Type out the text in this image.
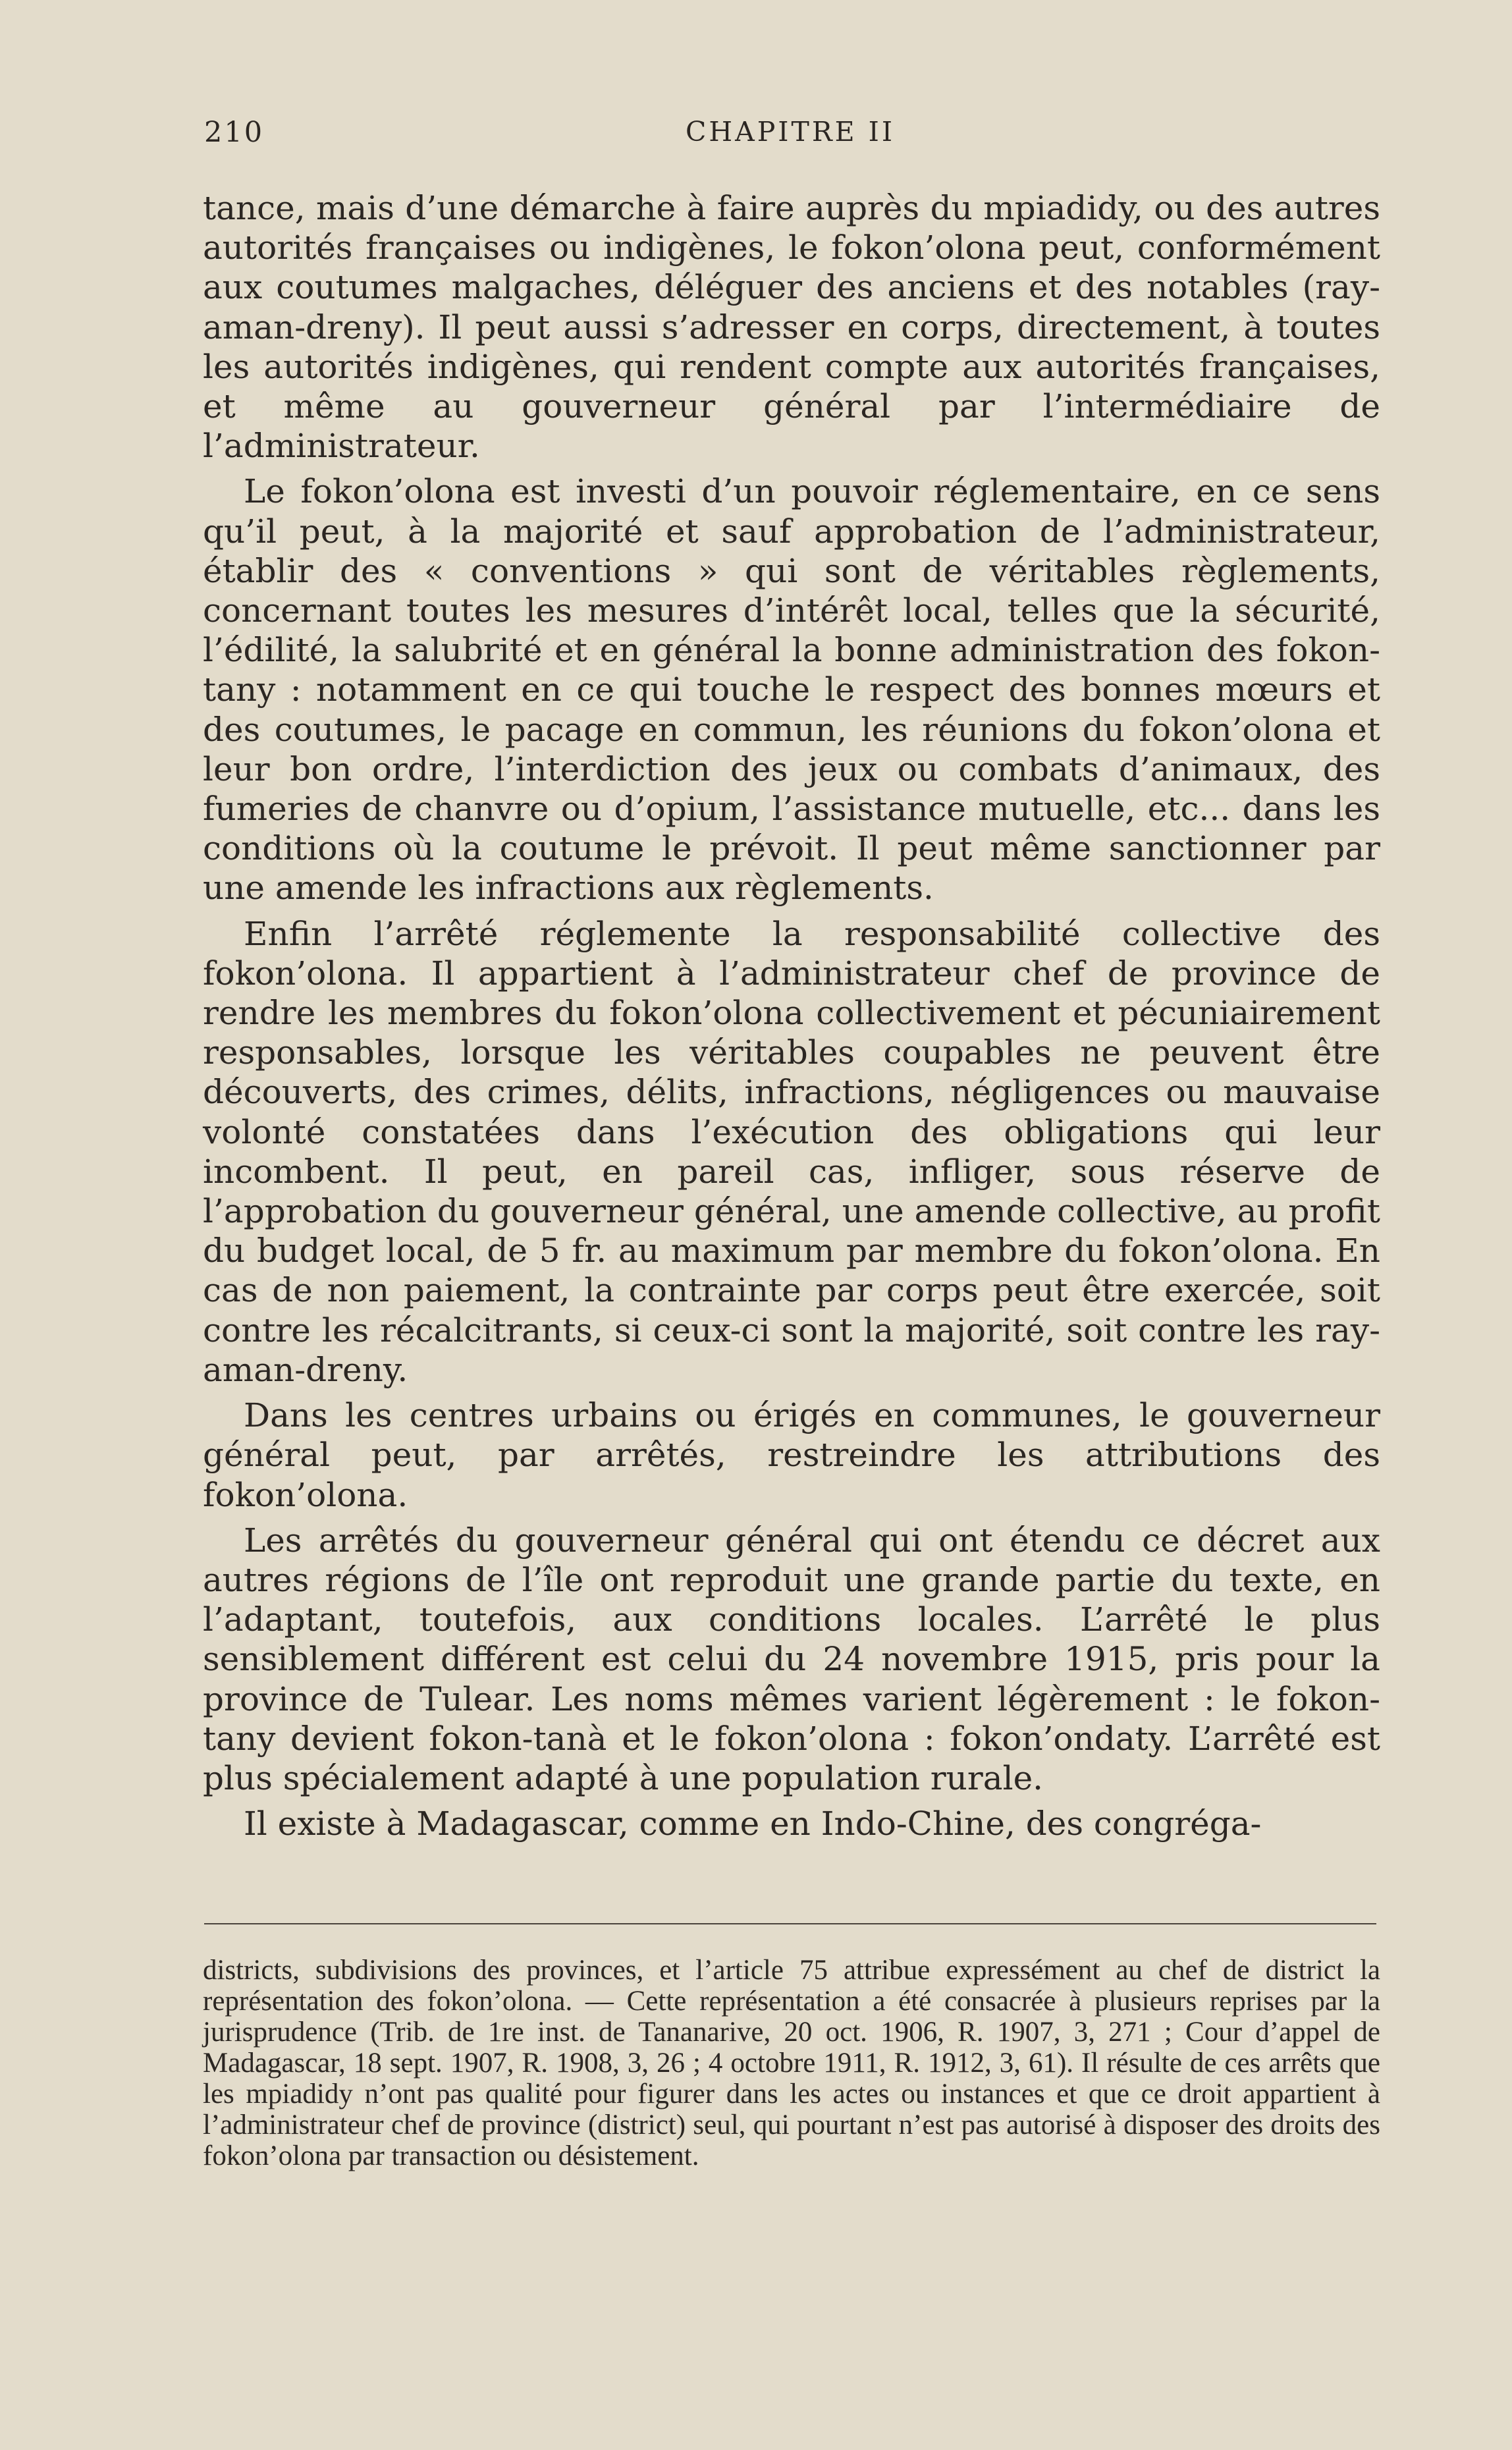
210	CHAPITRE II

tance, mais d’une démarche à faire auprès du mpiadidy, ou des autres autorités françaises ou indigènes, le fokon’olona peut, conformément aux coutumes malgaches, déléguer des anciens et des notables (ray-aman-dreny). Il peut aussi s’adresser en corps, directement, à toutes les autorités indigènes, qui rendent compte aux autorités françaises, et même au gouverneur général par l’intermédiaire de l’administrateur.

Le fokon’olona est investi d’un pouvoir réglementaire, en ce sens qu’il peut, à la majorité et sauf approbation de l’administrateur, établir des « conventions » qui sont de véritables règlements, concernant toutes les mesures d’intérêt local, telles que la sécurité, l’édilité, la salubrité et en général la bonne administration des fokon-tany : notamment en ce qui touche le respect des bonnes mœurs et des coutumes, le pacage en commun, les réunions du fokon’olona et leur bon ordre, l’interdiction des jeux ou combats d’animaux, des fumeries de chanvre ou d’opium, l’assistance mutuelle, etc... dans les conditions où la coutume le prévoit. Il peut même sanctionner par une amende les infractions aux règlements.

Enfin l’arrêté réglemente la responsabilité collective des fokon’olona. Il appartient à l’administrateur chef de province de rendre les membres du fokon’olona collectivement et pécuniairement responsables, lorsque les véritables coupables ne peuvent être découverts, des crimes, délits, infractions, négligences ou mauvaise volonté constatées dans l’exécution des obligations qui leur incombent. Il peut, en pareil cas, infliger, sous réserve de l’approbation du gouverneur général, une amende collective, au profit du budget local, de 5 fr. au maximum par membre du fokon’olona. En cas de non paiement, la contrainte par corps peut être exercée, soit contre les récalcitrants, si ceux-ci sont la majorité, soit contre les ray-aman-dreny.

Dans les centres urbains ou érigés en communes, le gouverneur général peut, par arrêtés, restreindre les attributions des fokon’olona.

Les arrêtés du gouverneur général qui ont étendu ce décret aux autres régions de l’île ont reproduit une grande partie du texte, en l’adaptant, toutefois, aux conditions locales. L’arrêté le plus sensiblement différent est celui du 24 novembre 1915, pris pour la province de Tulear. Les noms mêmes varient légèrement : le fokon-tany devient fokon-tanà et le fokon’olona : fokon’ondaty. L’arrêté est plus spécialement adapté à une population rurale.

Il existe à Madagascar, comme en Indo-Chine, des congréga-

districts, subdivisions des provinces, et l’article 75 attribue expressément au chef de district la représentation des fokon’olona. — Cette représentation a été consacrée à plusieurs reprises par la jurisprudence (Trib. de 1re inst. de Tananarive, 20 oct. 1906, R. 1907, 3, 271 ; Cour d’appel de Madagascar, 18 sept. 1907, R. 1908, 3, 26 ; 4 octobre 1911, R. 1912, 3, 61). Il résulte de ces arrêts que les mpiadidy n’ont pas qualité pour figurer dans les actes ou instances et que ce droit appartient à l’administrateur chef de province (district) seul, qui pourtant n’est pas autorisé à disposer des droits des fokon’olona par transaction ou désistement.
